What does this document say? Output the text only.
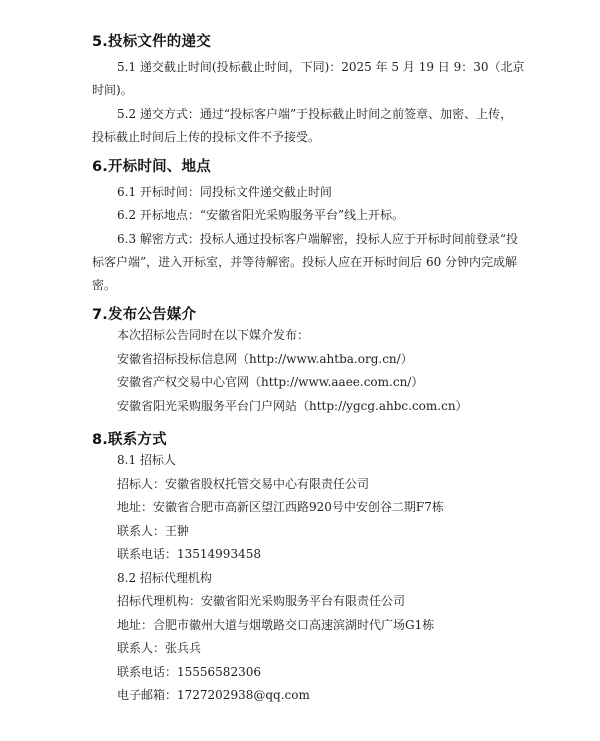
5.投标文件的递交
5.1 递交截止时间(投标截止时间，下同)：2025 年 5 月 19 日 9：30（北京
时间)。
5.2 递交方式：通过“投标客户端”于投标截止时间之前签章、加密、上传，
投标截止时间后上传的投标文件不予接受。
6.开标时间、地点
6.1 开标时间：同投标文件递交截止时间
6.2 开标地点：“安徽省阳光采购服务平台”线上开标。
6.3 解密方式：投标人通过投标客户端解密，投标人应于开标时间前登录“投
标客户端”，进入开标室，并等待解密。投标人应在开标时间后 60 分钟内完成解
密。
7.发布公告媒介
本次招标公告同时在以下媒介发布：
安徽省招标投标信息网（http://www.ahtba.org.cn/）
安徽省产权交易中心官网（http://www.aaee.com.cn/）
安徽省阳光采购服务平台门户网站（http://ygcg.ahbc.com.cn）
8.联系方式
8.1 招标人
招标人：安徽省股权托管交易中心有限责任公司
地址：安徽省合肥市高新区望江西路920号中安创谷二期F7栋
联系人：王翀
联系电话：13514993458
8.2 招标代理机构
招标代理机构：安徽省阳光采购服务平台有限责任公司
地址：合肥市徽州大道与烟墩路交口高速滨湖时代广场G1栋
联系人：张兵兵
联系电话：15556582306
电子邮箱：1727202938@qq.com
